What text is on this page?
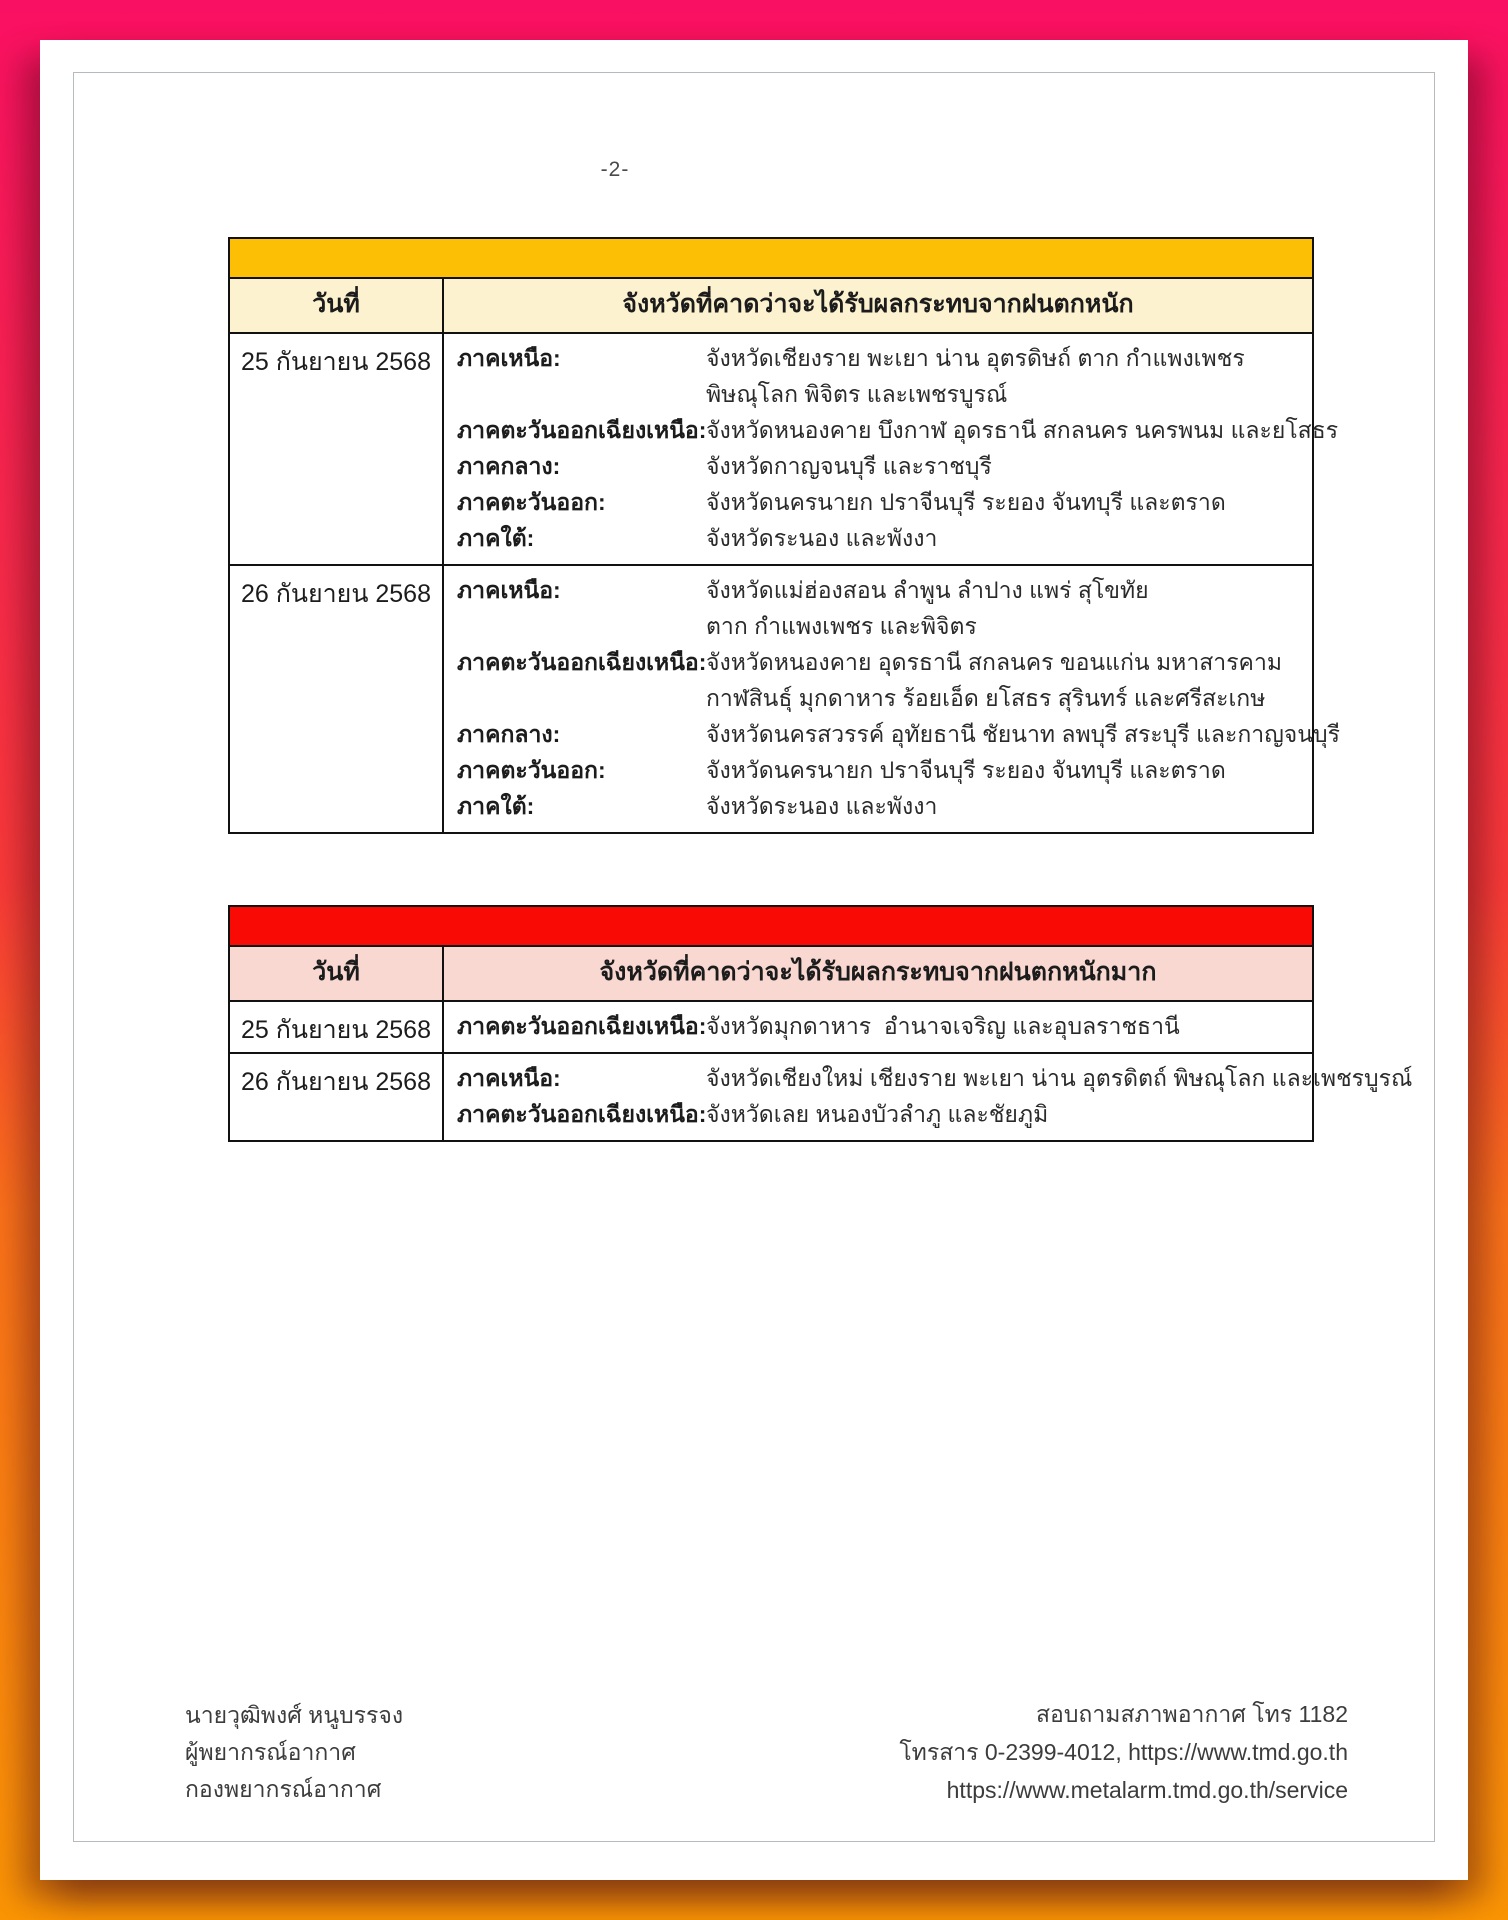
-2-
วันที่	จังหวัดที่คาดว่าจะได้รับผลกระทบจากฝนตกหนัก
25 กันยายน 2568	ภาคเหนือ:	จังหวัดเชียงราย พะเยา น่าน อุตรดิษถ์ ตาก กำแพงเพชร
พิษณุโลก พิจิตร และเพชรบูรณ์
ภาคตะวันออกเฉียงเหนือ: จังหวัดหนองคาย บึงกาฬ อุดรธานี สกลนคร นครพนม และยโสธร
ภาคกลาง:	จังหวัดกาญจนบุรี และราชบุรี
ภาคตะวันออก:	จังหวัดนครนายก ปราจีนบุรี ระยอง จันทบุรี และตราด
ภาคใต้:	จังหวัดระนอง และพังงา
26 กันยายน 2568	ภาคเหนือ:	จังหวัดแม่ฮ่องสอน ลำพูน ลำปาง แพร่ สุโขทัย
ตาก กำแพงเพชร และพิจิตร
ภาคตะวันออกเฉียงเหนือ: จังหวัดหนองคาย อุดรธานี สกลนคร ขอนแก่น มหาสารคาม
กาฬสินธุ์ มุกดาหาร ร้อยเอ็ด ยโสธร สุรินทร์ และศรีสะเกษ
ภาคกลาง:	จังหวัดนครสวรรค์ อุทัยธานี ชัยนาท ลพบุรี สระบุรี และกาญจนบุรี
ภาคตะวันออก:	จังหวัดนครนายก ปราจีนบุรี ระยอง จันทบุรี และตราด
ภาคใต้:	จังหวัดระนอง และพังงา
วันที่	จังหวัดที่คาดว่าจะได้รับผลกระทบจากฝนตกหนักมาก
25 กันยายน 2568	ภาคตะวันออกเฉียงเหนือ: จังหวัดมุกดาหาร  อำนาจเจริญ และอุบลราชธานี
26 กันยายน 2568	ภาคเหนือ:	จังหวัดเชียงใหม่ เชียงราย พะเยา น่าน อุตรดิตถ์ พิษณุโลก และเพชรบูรณ์
ภาคตะวันออกเฉียงเหนือ: จังหวัดเลย หนองบัวลำภู และชัยภูมิ
นายวุฒิพงศ์ หนูบรรจง
ผู้พยากรณ์อากาศ
กองพยากรณ์อากาศ
สอบถามสภาพอากาศ โทร 1182
โทรสาร 0-2399-4012, https://www.tmd.go.th
https://www.metalarm.tmd.go.th/service
